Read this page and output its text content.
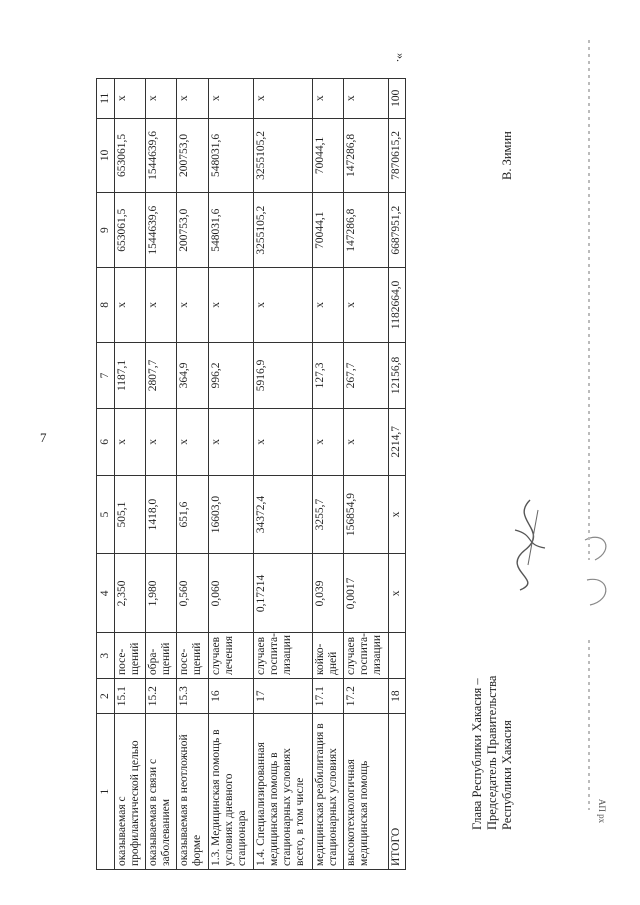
7
1	2	3	4	5	6	7	8	9	10	11
оказываемая с профилактической целью	15.1	посе-щений	2,350	505,1	х	1187,1	х	653061,5	653061,5	х
оказываемая в связи с заболеванием	15.2	обра-щений	1,980	1418,0	х	2807,7	х	1544639,6	1544639,6	х
оказываемая в неотложной форме	15.3	посе-щений	0,560	651,6	х	364,9	х	200753,0	200753,0	х
1.3. Медицинская помощь в условиях дневного стационара	16	случаев лечения	0,060	16603,0	х	996,2	х	548031,6	548031,6	х
1.4. Специализированная медицинская помощь в стационарных условиях всего, в том числе	17	случаев госпита-лизации	0,17214	34372,4	х	5916,9	х	3255105,2	3255105,2	х
медицинская реабилитация в стационарных условиях	17.1	койко-дней	0,039	3255,7	х	127,3	х	70044,1	70044,1	х
высокотехнологичная медицинская помощь	17.2	случаев госпита-лизации	0,0017	156854,9	х	267,7	х	147286,8	147286,8	х
ИТОГО	18		х	х	2214,7	12156,8	1182664,0	6687951,2	7870615,2	100
».
Глава Республики Хакасия – Председатель Правительства Республики Хакасия
В. Зимин
АП рх
